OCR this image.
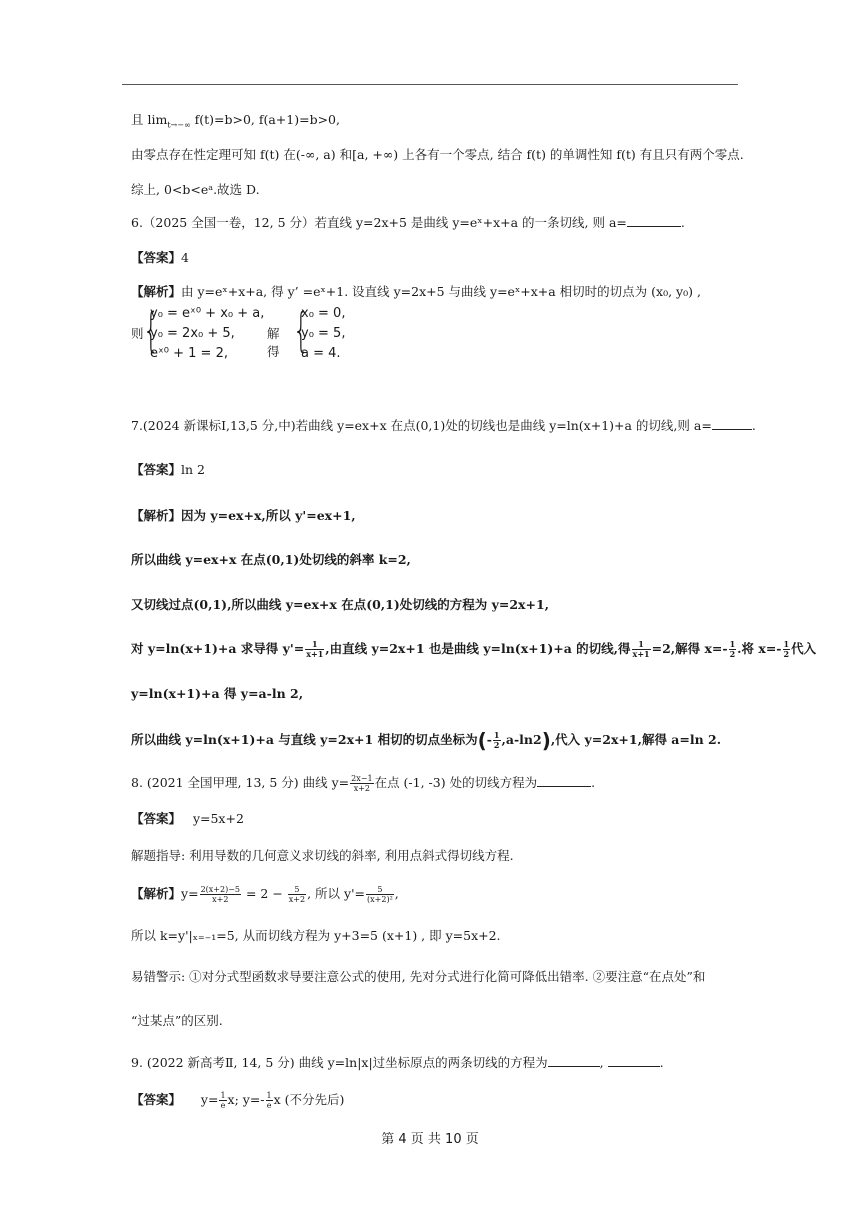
且 $\lim_{t\to-\infty} f(t)=b>0$, f(a+1)=b>0,
由零点存在性定理可知 f(t) 在(-∞, a) 和[a, +∞) 上各有一个零点, 结合 f(t) 的单调性知 f(t) 有且只有两个零点.
综上, 0<b<eᵃ.故选 D.
6.（2025 全国一卷，12, 5 分）若直线 y=2x+5 是曲线 y=eˣ+x+a 的一条切线, 则 a=	.
【答案】4
【解析】由 y=eˣ+x+a, 得 y’ =eˣ+1. 设直线 y=2x+5 与曲线 y=eˣ+x+a 相切时的切点为 (x₀, y₀) ,
则 {
y₀ = eˣ⁰ + x₀ + a,
y₀ = 2x₀ + 5,
eˣ⁰ + 1 = 2,
解得 {
x₀ = 0,
y₀ = 5,
a = 4.
7.(2024 新课标Ⅰ,13,5 分,中)若曲线 y=ex+x 在点(0,1)处的切线也是曲线 y=ln(x+1)+a 的切线,则 a=	.
【答案】ln 2
【解析】因为 y=ex+x,所以 y'=ex+1,
所以曲线 y=ex+x 在点(0,1)处切线的斜率 k=2,
又切线过点(0,1),所以曲线 y=ex+x 在点(0,1)处切线的方程为 y=2x+1,
对 y=ln(x+1)+a 求导得 $y'= \frac{1}{x+1}$ ,由直线 y=2x+1 也是曲线 y=ln(x+1)+a 的切线,得 $\frac{1}{x+1} =2$,解得 $x=- \frac{1}{2}$ .将 $x=- \frac{1}{2}$ 代入
y=ln(x+1)+a 得 y=a-ln 2,
所以曲线 y=ln(x+1)+a 与直线 y=2x+1 相切的切点坐标为(- $\frac{1}{2} ,a-\ln 2$),代入 y=2x+1,解得 a=ln 2.
8. (2021 全国甲理, 13, 5 分) 曲线 $y= \frac{2x-1}{x+2}$ 在点 (-1, -3) 处的切线方程为	.
【答案】 y=5x+2
解题指导: 利用导数的几何意义求切线的斜率, 利用点斜式得切线方程.
【解析】$y= \frac{2(x+2)-5}{x+2} = 2 - \frac{5}{x+2}$ , 所以 $y'= \frac{5}{\text{(x+2)²}}$ ,
所以 k=y'|ₓ₌₋₁=5, 从而切线方程为 y+3=5 (x+1) , 即 y=5x+2.
易错警示: ①对分式型函数求导要注意公式的使用, 先对分式进行化简可降低出错率. ②要注意“在点处”和
“过某点”的区别.
9. (2022 新高考Ⅱ, 14, 5 分) 曲线 y=ln|x|过坐标原点的两条切线的方程为	,	.
【答案】 $y= \frac{1}{e} x$; $y=- \frac{1}{e}$ x (不分先后)
第 4 页 共 10 页
